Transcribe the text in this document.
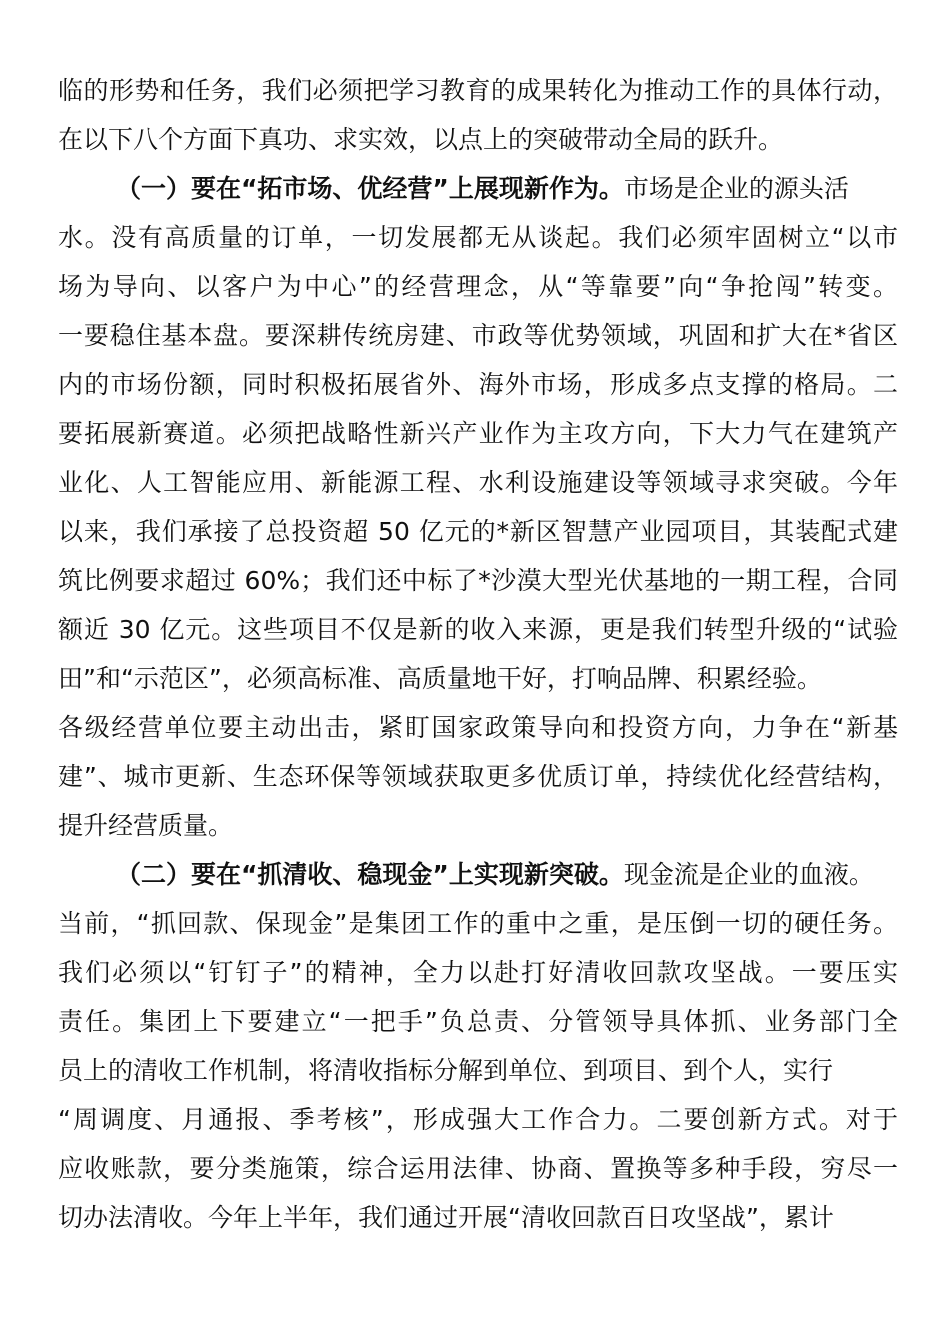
临的形势和任务，我们必须把学习教育的成果转化为推动工作的具体行动，
在以下八个方面下真功、求实效，以点上的突破带动全局的跃升。
（一）要在“拓市场、优经营”上展现新作为。市场是企业的源头活
水。没有高质量的订单，一切发展都无从谈起。我们必须牢固树立“以市
场为导向、以客户为中心”的经营理念，从“等靠要”向“争抢闯”转变。
一要稳住基本盘。要深耕传统房建、市政等优势领域，巩固和扩大在*省区
内的市场份额，同时积极拓展省外、海外市场，形成多点支撑的格局。二
要拓展新赛道。必须把战略性新兴产业作为主攻方向，下大力气在建筑产
业化、人工智能应用、新能源工程、水利设施建设等领域寻求突破。今年
以来，我们承接了总投资超 50 亿元的*新区智慧产业园项目，其装配式建
筑比例要求超过 60%；我们还中标了*沙漠大型光伏基地的一期工程，合同
额近 30 亿元。这些项目不仅是新的收入来源，更是我们转型升级的“试验
田”和“示范区”，必须高标准、高质量地干好，打响品牌、积累经验。
各级经营单位要主动出击，紧盯国家政策导向和投资方向，力争在“新基
建”、城市更新、生态环保等领域获取更多优质订单，持续优化经营结构，
提升经营质量。
（二）要在“抓清收、稳现金”上实现新突破。现金流是企业的血液。
当前，“抓回款、保现金”是集团工作的重中之重，是压倒一切的硬任务。
我们必须以“钉钉子”的精神，全力以赴打好清收回款攻坚战。一要压实
责任。集团上下要建立“一把手”负总责、分管领导具体抓、业务部门全
员上的清收工作机制，将清收指标分解到单位、到项目、到个人，实行
“周调度、月通报、季考核”，形成强大工作合力。二要创新方式。对于
应收账款，要分类施策，综合运用法律、协商、置换等多种手段，穷尽一
切办法清收。今年上半年，我们通过开展“清收回款百日攻坚战”，累计
